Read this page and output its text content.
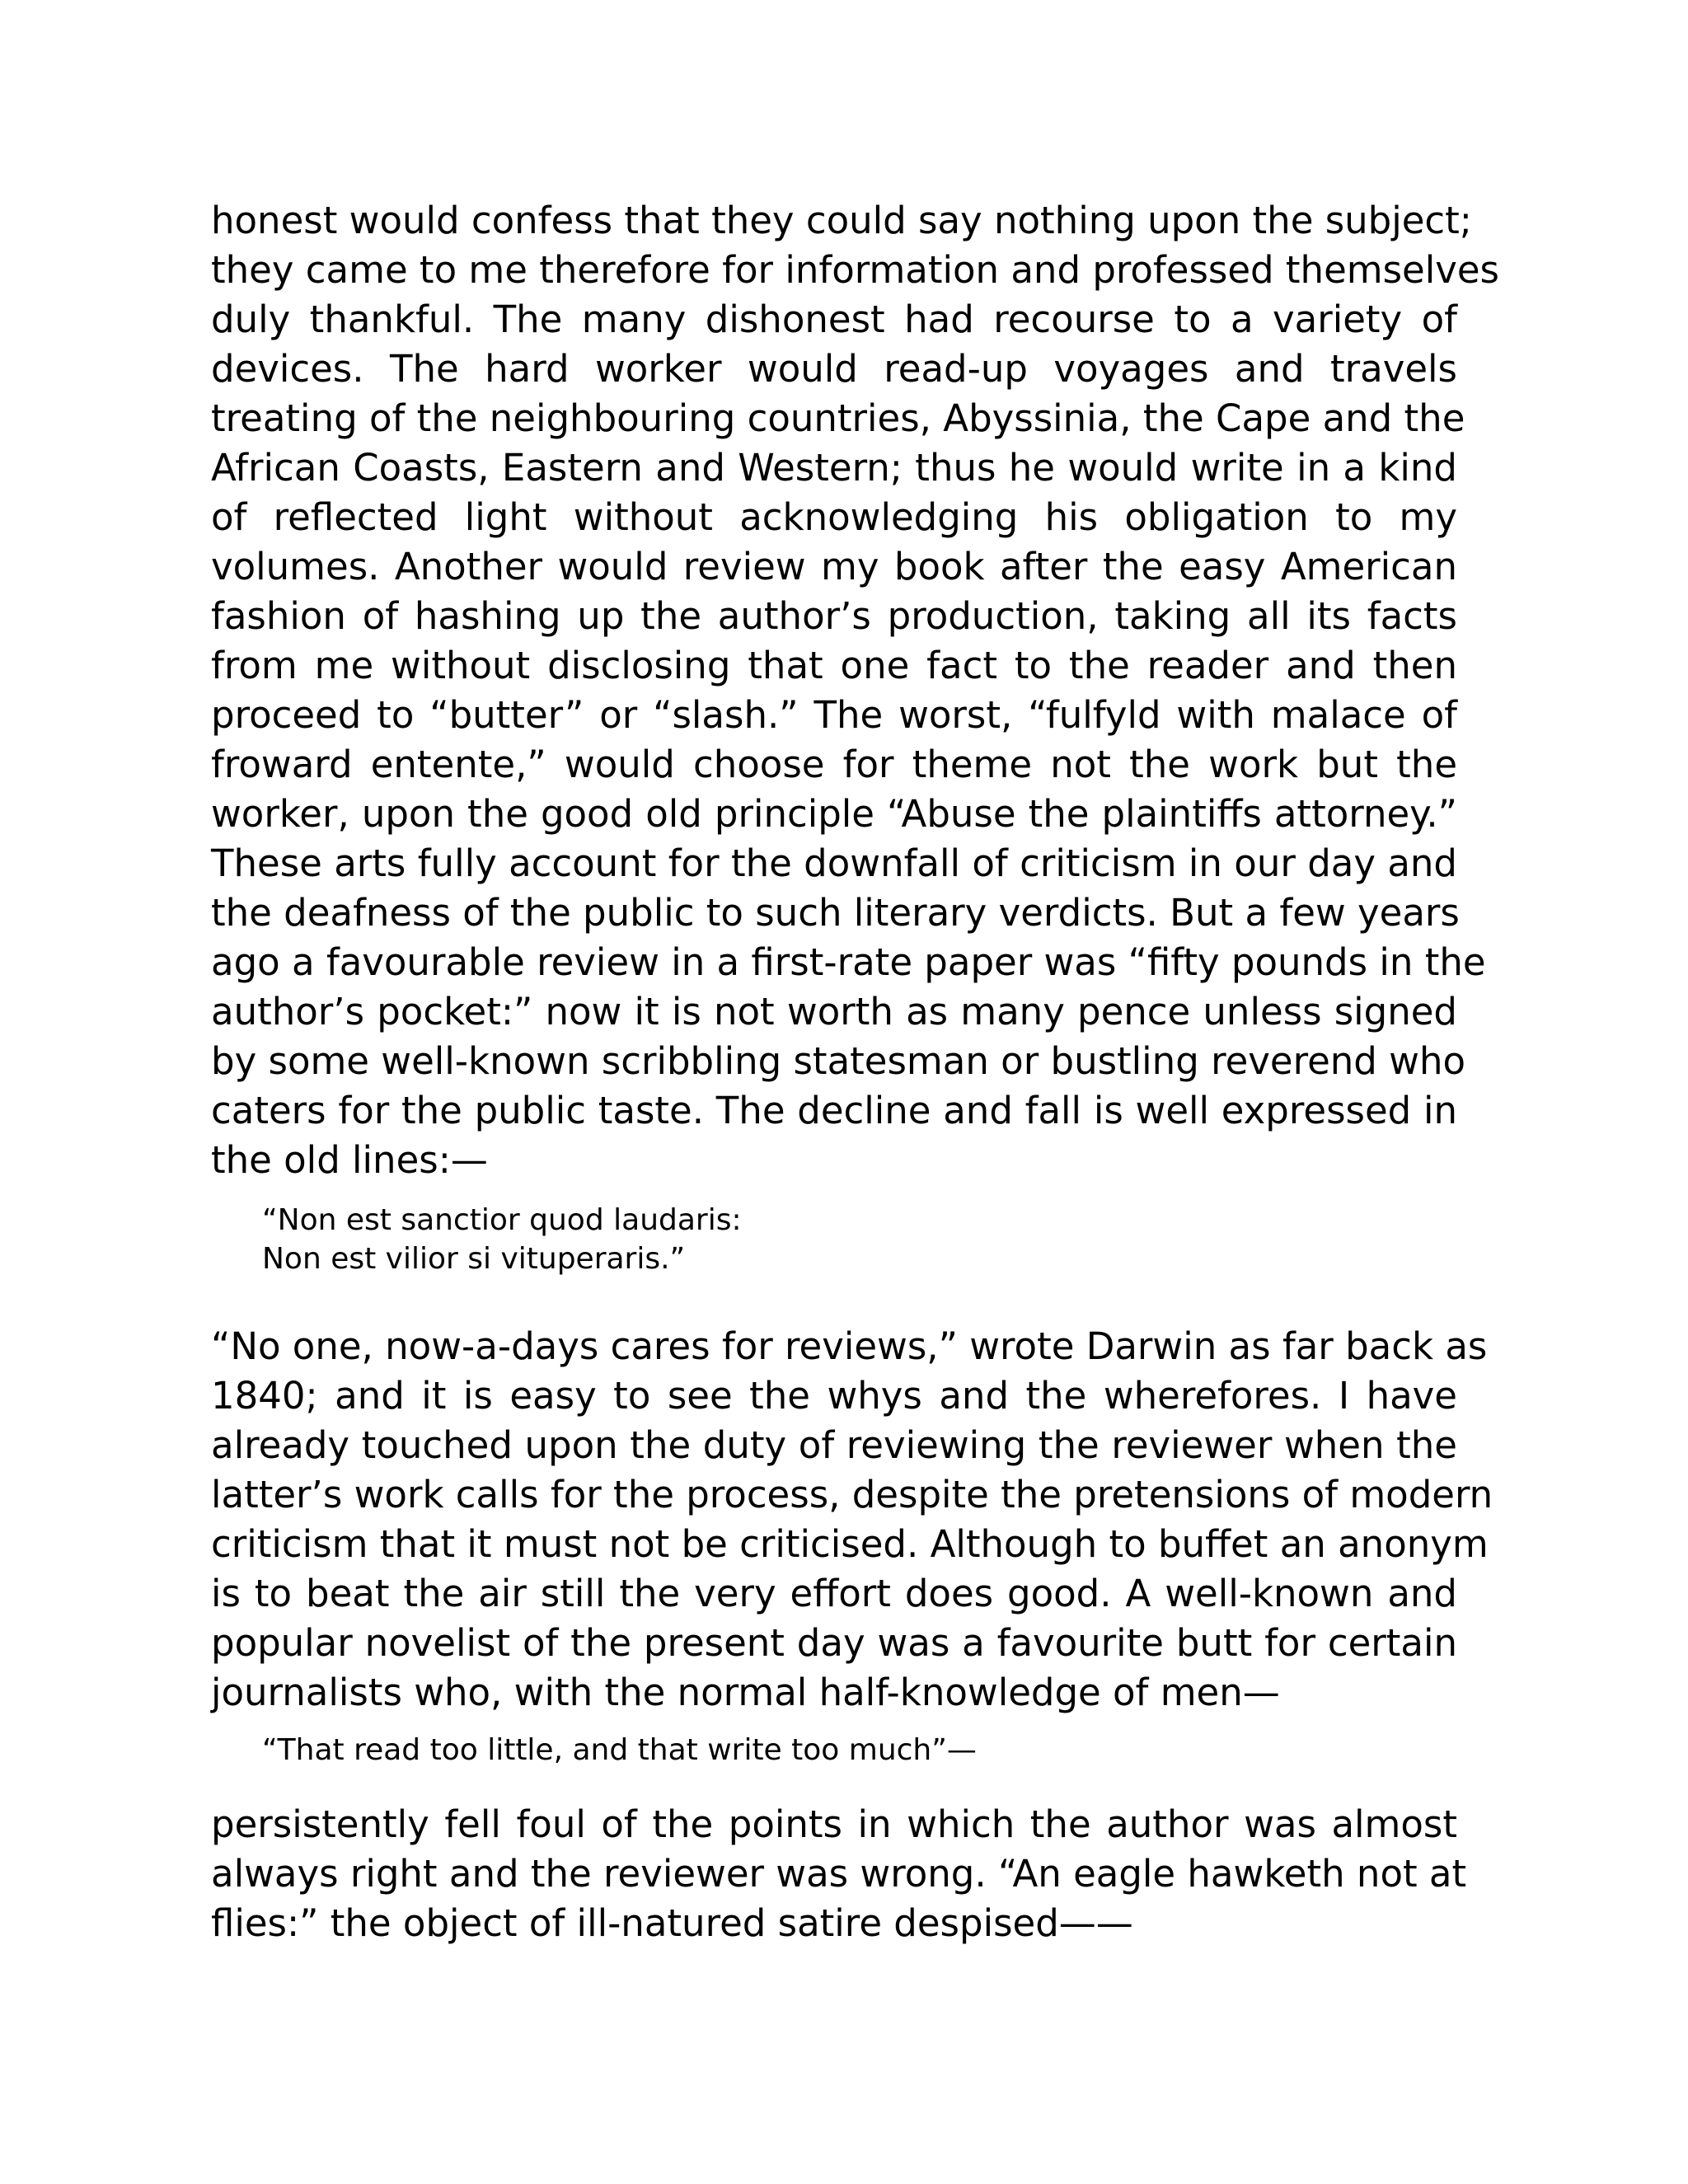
honest would confess that they could say nothing upon the subject;
they came to me therefore for information and professed themselves
duly thankful. The many dishonest had recourse to a variety of
devices. The hard worker would read-up voyages and travels
treating of the neighbouring countries, Abyssinia, the Cape and the
African Coasts, Eastern and Western; thus he would write in a kind
of reflected light without acknowledging his obligation to my
volumes. Another would review my book after the easy American
fashion of hashing up the author’s production, taking all its facts
from me without disclosing that one fact to the reader and then
proceed to “butter” or “slash.” The worst, “fulfyld with malace of
froward entente,” would choose for theme not the work but the
worker, upon the good old principle “Abuse the plaintiffs attorney.”
These arts fully account for the downfall of criticism in our day and
the deafness of the public to such literary verdicts. But a few years
ago a favourable review in a first-rate paper was “fifty pounds in the
author’s pocket:” now it is not worth as many pence unless signed
by some well-known scribbling statesman or bustling reverend who
caters for the public taste. The decline and fall is well expressed in
the old lines:—
“Non est sanctior quod laudaris:
Non est vilior si vituperaris.”
“No one, now-a-days cares for reviews,” wrote Darwin as far back as
1840; and it is easy to see the whys and the wherefores. I have
already touched upon the duty of reviewing the reviewer when the
latter’s work calls for the process, despite the pretensions of modern
criticism that it must not be criticised. Although to buffet an anonym
is to beat the air still the very effort does good. A well-known and
popular novelist of the present day was a favourite butt for certain
journalists who, with the normal half-knowledge of men—
“That read too little, and that write too much”—
persistently fell foul of the points in which the author was almost
always right and the reviewer was wrong. “An eagle hawketh not at
flies:” the object of ill-natured satire despised——
